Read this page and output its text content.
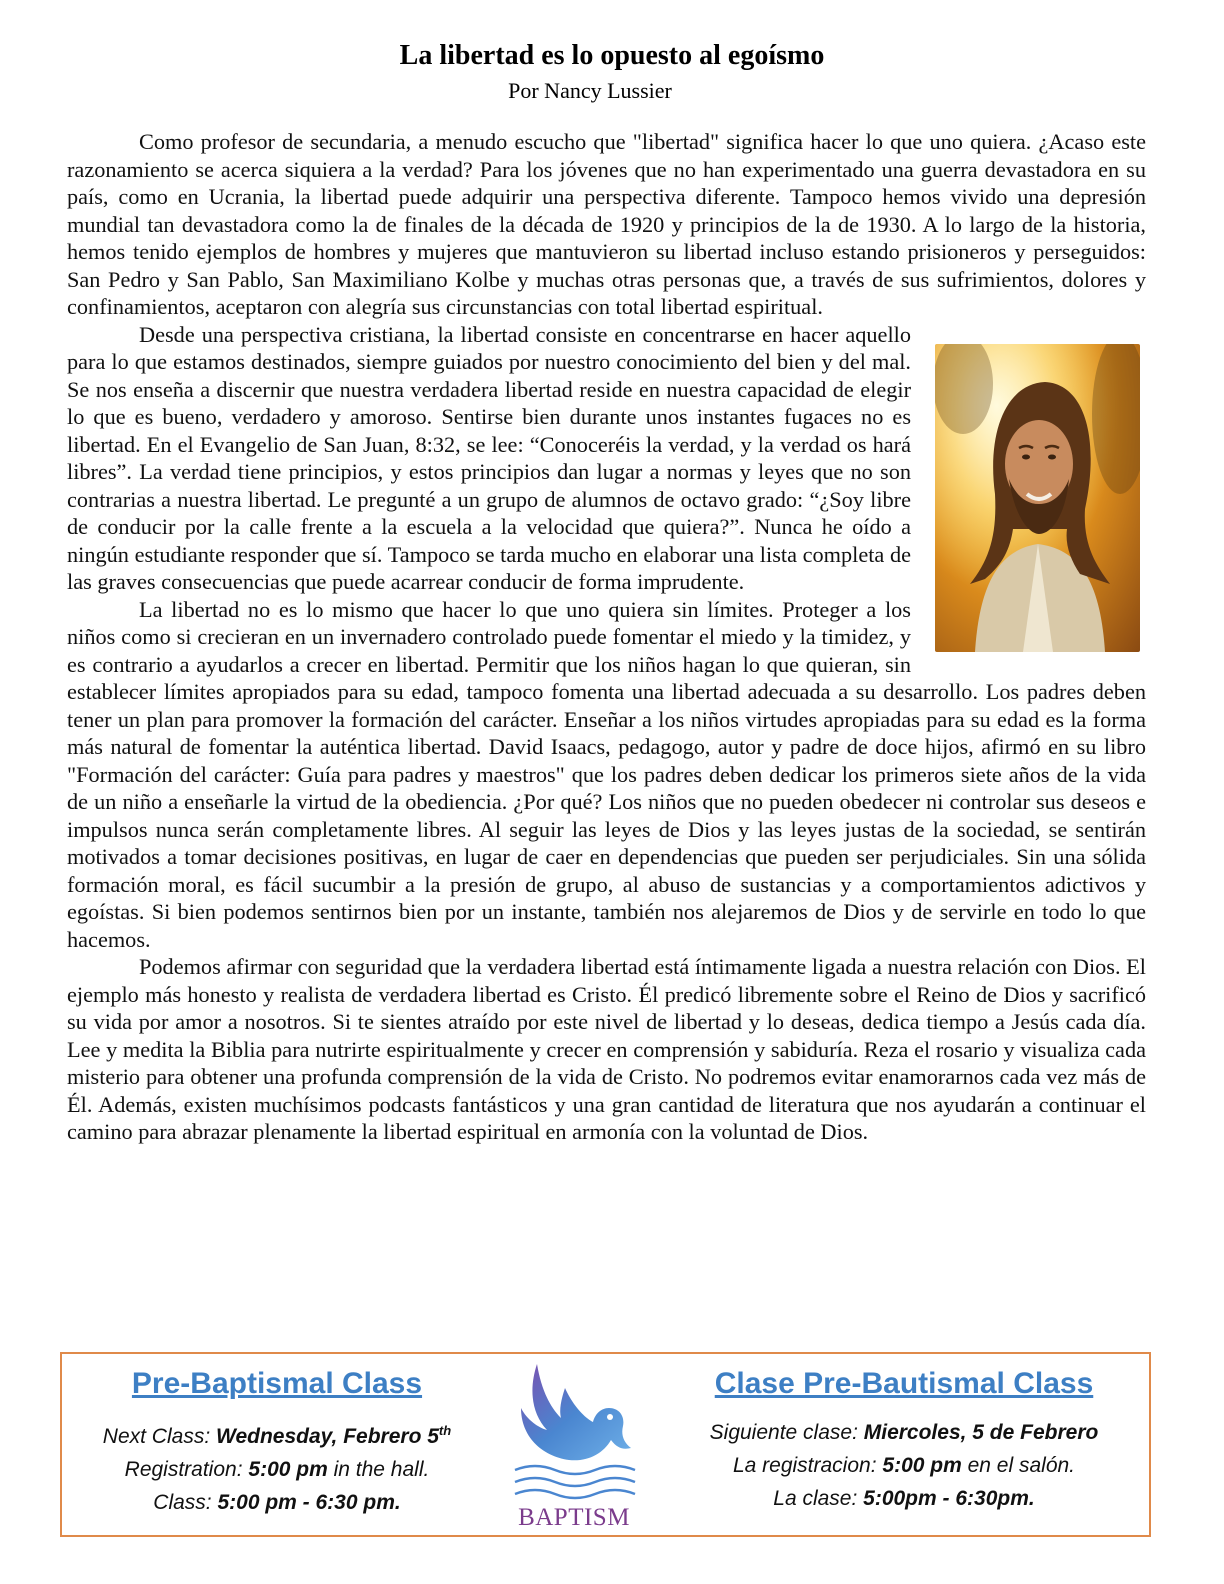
La libertad es lo opuesto al egoísmo
Por Nancy Lussier

Como profesor de secundaria, a menudo escucho que "libertad" significa hacer lo que uno quiera. ¿Acaso este razonamiento se acerca siquiera a la verdad? Para los jóvenes que no han experimentado una guerra devastadora en su país, como en Ucrania, la libertad puede adquirir una perspectiva diferente. Tampoco hemos vivido una depresión mundial tan devastadora como la de finales de la década de 1920 y principios de la de 1930. A lo largo de la historia, hemos tenido ejemplos de hombres y mujeres que mantuvieron su libertad incluso estando prisioneros y perseguidos: San Pedro y San Pablo, San Maximiliano Kolbe y muchas otras personas que, a través de sus sufrimientos, dolores y confinamientos, aceptaron con alegría sus circunstancias con total libertad espiritual.

Desde una perspectiva cristiana, la libertad consiste en concentrarse en hacer aquello para lo que estamos destinados, siempre guiados por nuestro conocimiento del bien y del mal. Se nos enseña a discernir que nuestra verdadera libertad reside en nuestra capacidad de elegir lo que es bueno, verdadero y amoroso. Sentirse bien durante unos instantes fugaces no es libertad. En el Evangelio de San Juan, 8:32, se lee: “Conoceréis la verdad, y la verdad os hará libres”. La verdad tiene principios, y estos principios dan lugar a normas y leyes que no son contrarias a nuestra libertad. Le pregunté a un grupo de alumnos de octavo grado: “¿Soy libre de conducir por la calle frente a la escuela a la velocidad que quiera?”. Nunca he oído a ningún estudiante responder que sí. Tampoco se tarda mucho en elaborar una lista completa de las graves consecuencias que puede acarrear conducir de forma imprudente.

La libertad no es lo mismo que hacer lo que uno quiera sin límites. Proteger a los niños como si crecieran en un invernadero controlado puede fomentar el miedo y la timidez, y es contrario a ayudarlos a crecer en libertad. Permitir que los niños hagan lo que quieran, sin establecer límites apropiados para su edad, tampoco fomenta una libertad adecuada a su desarrollo. Los padres deben tener un plan para promover la formación del carácter. Enseñar a los niños virtudes apropiadas para su edad es la forma más natural de fomentar la auténtica libertad. David Isaacs, pedagogo, autor y padre de doce hijos, afirmó en su libro "Formación del carácter: Guía para padres y maestros" que los padres deben dedicar los primeros siete años de la vida de un niño a enseñarle la virtud de la obediencia. ¿Por qué? Los niños que no pueden obedecer ni controlar sus deseos e impulsos nunca serán completamente libres. Al seguir las leyes de Dios y las leyes justas de la sociedad, se sentirán motivados a tomar decisiones positivas, en lugar de caer en dependencias que pueden ser perjudiciales. Sin una sólida formación moral, es fácil sucumbir a la presión de grupo, al abuso de sustancias y a comportamientos adictivos y egoístas. Si bien podemos sentirnos bien por un instante, también nos alejaremos de Dios y de servirle en todo lo que hacemos.

Podemos afirmar con seguridad que la verdadera libertad está íntimamente ligada a nuestra relación con Dios. El ejemplo más honesto y realista de verdadera libertad es Cristo. Él predicó libremente sobre el Reino de Dios y sacrificó su vida por amor a nosotros. Si te sientes atraído por este nivel de libertad y lo deseas, dedica tiempo a Jesús cada día. Lee y medita la Biblia para nutrirte espiritualmente y crecer en comprensión y sabiduría. Reza el rosario y visualiza cada misterio para obtener una profunda comprensión de la vida de Cristo. No podremos evitar enamorarnos cada vez más de Él. Además, existen muchísimos podcasts fantásticos y una gran cantidad de literatura que nos ayudarán a continuar el camino para abrazar plenamente la libertad espiritual en armonía con la voluntad de Dios.

Pre-Baptismal Class
Next Class: Wednesday, Febrero 5th
Registration: 5:00 pm in the hall.
Class: 5:00 pm - 6:30 pm.
BAPTISM
Clase Pre-Bautismal Class
Siguiente clase: Miercoles, 5 de Febrero
La registracion: 5:00 pm en el salón.
La clase: 5:00pm - 6:30pm.
